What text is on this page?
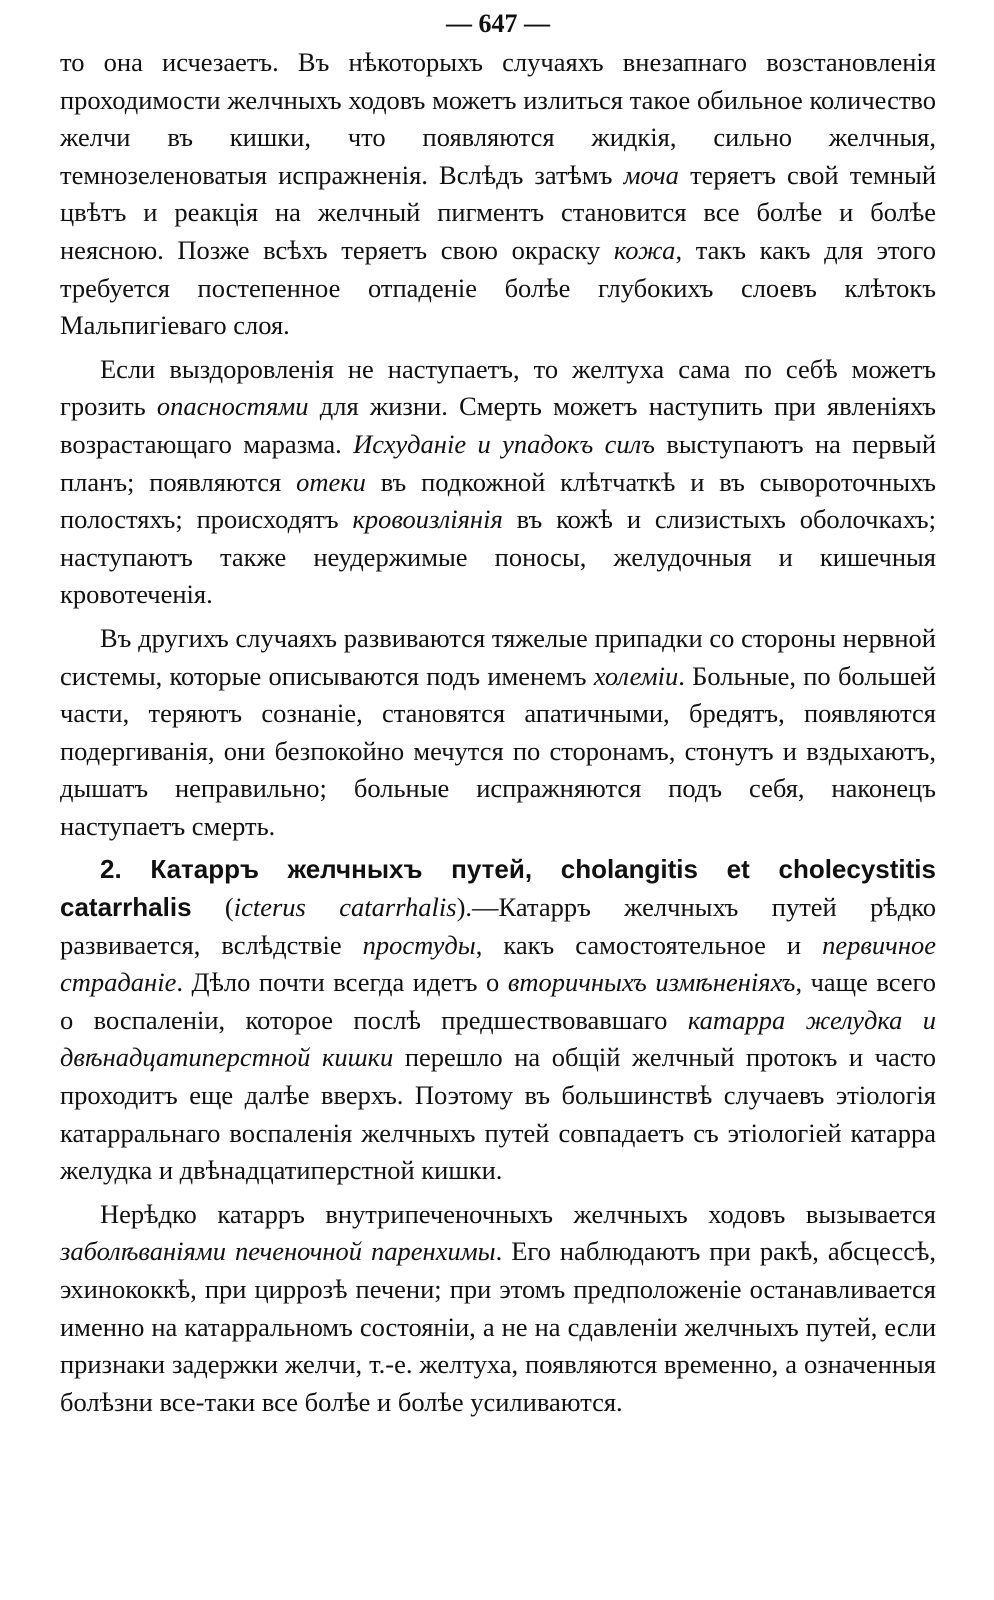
— 647 —

то она исчезаетъ. Въ нѣкоторыхъ случаяхъ внезапнаго возстановленія проходимости желчныхъ ходовъ можетъ излиться такое обильное количество желчи въ кишки, что появляются жидкія, сильно желчныя, темнозеленоватыя испражненія. Вслѣдъ затѣмъ моча теряетъ свой темный цвѣтъ и реакція на желчный пигментъ становится все болѣе и болѣе неясною. Позже всѣхъ теряетъ свою окраску кожа, такъ какъ для этого требуется постепенное отпаденіе болѣе глубокихъ слоевъ клѣтокъ Мальпигіеваго слоя.

Если выздоровленія не наступаетъ, то желтуха сама по себѣ можетъ грозить опасностями для жизни. Смерть можетъ наступить при явленіяхъ возрастающаго маразма. Исхуданіе и упадокъ силъ выступаютъ на первый планъ; появляются отеки въ подкожной клѣтчаткѣ и въ сывороточныхъ полостяхъ; происходятъ кровоизліянія въ кожѣ и слизистыхъ оболочкахъ; наступаютъ также неудержимые поносы, желудочныя и кишечныя кровотеченія.

Въ другихъ случаяхъ развиваются тяжелые припадки со стороны нервной системы, которые описываются подъ именемъ холеміи. Больные, по большей части, теряютъ сознаніе, становятся апатичными, бредятъ, появляются подергиванія, они безпокойно мечутся по сторонамъ, стонутъ и вздыхаютъ, дышатъ неправильно; больные испражняются подъ себя, наконецъ наступаетъ смерть.

2. Катарръ желчныхъ путей, cholangitis et cholecystitis catarrhalis (icterus catarrhalis).—Катарръ желчныхъ путей рѣдко развивается, вслѣдствіе простуды, какъ самостоятельное и первичное страданіе. Дѣло почти всегда идетъ о вторичныхъ измѣненіяхъ, чаще всего о воспаленіи, которое послѣ предшествовавшаго катарра желудка и двѣнадцатиперстной кишки перешло на общій желчный протокъ и часто проходитъ еще далѣе вверхъ. Поэтому въ большинствѣ случаевъ этіологія катарральнаго воспаленія желчныхъ путей совпадаетъ съ этіологіей катарра желудка и двѣнадцатиперстной кишки.

Нерѣдко катарръ внутрипеченочныхъ желчныхъ ходовъ вызывается заболѣваніями печеночной паренхимы. Его наблюдаютъ при ракѣ, абсцессѣ, эхинококкѣ, при циррозѣ печени; при этомъ предположеніе останавливается именно на катарральномъ состояніи, а не на сдавленіи желчныхъ путей, если признаки задержки желчи, т.-е. желтуха, появляются временно, а означенныя болѣзни все-таки все болѣе и болѣе усиливаются.
